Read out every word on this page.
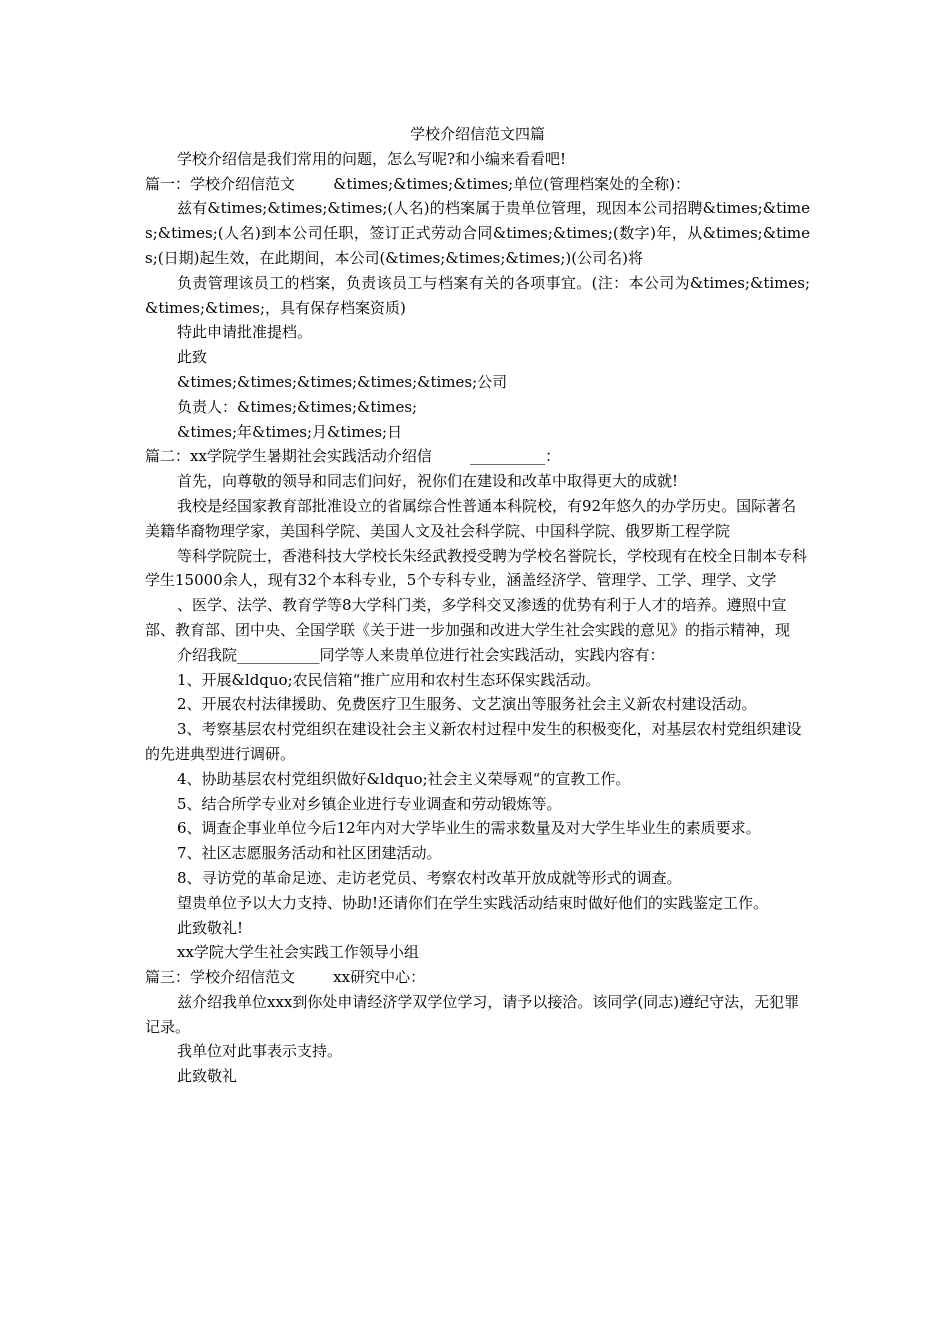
学校介绍信范文四篇

学校介绍信是我们常用的问题，怎么写呢?和小编来看看吧!

篇一：学校介绍信范文        &times;&times;&times;单位(管理档案处的全称)：

兹有&times;&times;&times;(人名)的档案属于贵单位管理，现因本公司招聘&times;&times;&times;(人名)到本公司任职，签订正式劳动合同&times;&times;(数字)年，从&times;&times;(日期)起生效，在此期间，本公司(&times;&times;&times;)(公司名)将

负责管理该员工的档案，负责该员工与档案有关的各项事宜。(注：本公司为&times;&times;&times;&times;，具有保存档案资质)

特此申请批准提档。

此致

&times;&times;&times;&times;&times;公司

负责人：&times;&times;&times;

&times;年&times;月&times;日

篇二：xx学院学生暑期社会实践活动介绍信        __________：

首先，向尊敬的领导和同志们问好，祝你们在建设和改革中取得更大的成就!

我校是经国家教育部批准设立的省属综合性普通本科院校，有92年悠久的办学历史。国际著名美籍华裔物理学家，美国科学院、美国人文及社会科学院、中国科学院、俄罗斯工程学院

等科学院院士，香港科技大学校长朱经武教授受聘为学校名誉院长，学校现有在校全日制本专科学生15000余人，现有32个本科专业，5个专科专业，涵盖经济学、管理学、工学、理学、文学

、医学、法学、教育学等8大学科门类，多学科交叉渗透的优势有利于人才的培养。遵照中宣部、教育部、团中央、全国学联《关于进一步加强和改进大学生社会实践的意见》的指示精神，现

介绍我院___________同学等人来贵单位进行社会实践活动，实践内容有：

1、开展&ldquo;农民信箱“推广应用和农村生态环保实践活动。

2、开展农村法律援助、免费医疗卫生服务、文艺演出等服务社会主义新农村建设活动。

3、考察基层农村党组织在建设社会主义新农村过程中发生的积极变化，对基层农村党组织建设的先进典型进行调研。

4、协助基层农村党组织做好&ldquo;社会主义荣辱观“的宣教工作。

5、结合所学专业对乡镇企业进行专业调查和劳动锻炼等。

6、调查企事业单位今后12年内对大学毕业生的需求数量及对大学生毕业生的素质要求。

7、社区志愿服务活动和社区团建活动。

8、寻访党的革命足迹、走访老党员、考察农村改革开放成就等形式的调查。

望贵单位予以大力支持、协助!还请你们在学生实践活动结束时做好他们的实践鉴定工作。

此致敬礼!

xx学院大学生社会实践工作领导小组

篇三：学校介绍信范文        xx研究中心：

兹介绍我单位xxx到你处申请经济学双学位学习，请予以接洽。该同学(同志)遵纪守法，无犯罪记录。

我单位对此事表示支持。

此致敬礼
